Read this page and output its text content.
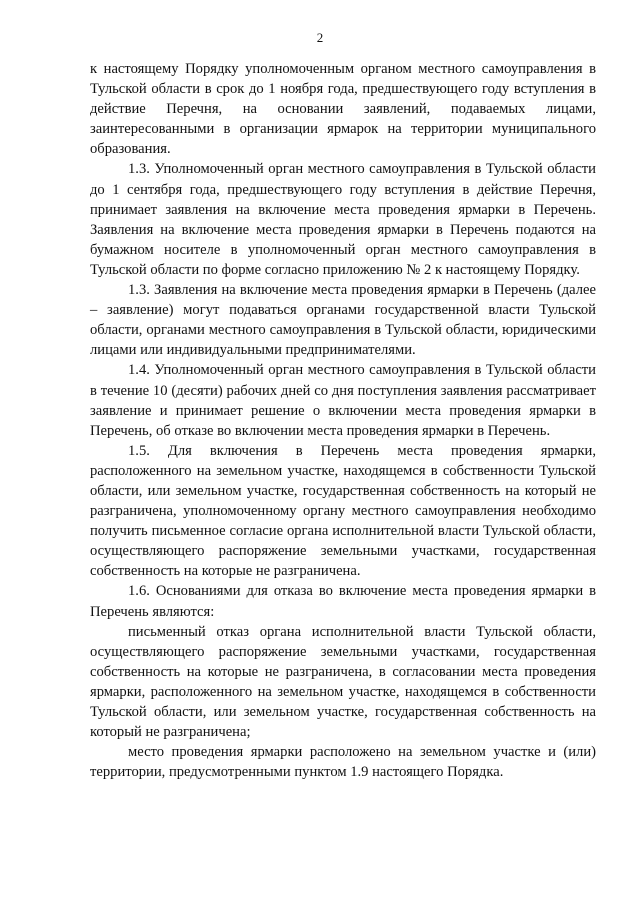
2

к настоящему Порядку уполномоченным органом местного самоуправления в Тульской области в срок до 1 ноября года, предшествующего году вступления в действие Перечня, на основании заявлений, подаваемых лицами, заинтересованными в организации ярмарок на территории муниципального образования.

1.3. Уполномоченный орган местного самоуправления в Тульской области до 1 сентября года, предшествующего году вступления в действие Перечня, принимает заявления на включение места проведения ярмарки в Перечень. Заявления на включение места проведения ярмарки в Перечень подаются на бумажном носителе в уполномоченный орган местного самоуправления в Тульской области по форме согласно приложению № 2 к настоящему Порядку.

1.3. Заявления на включение места проведения ярмарки в Перечень (далее – заявление) могут подаваться органами государственной власти Тульской области, органами местного самоуправления в Тульской области, юридическими лицами или индивидуальными предпринимателями.

1.4. Уполномоченный орган местного самоуправления в Тульской области в течение 10 (десяти) рабочих дней со дня поступления заявления рассматривает заявление и принимает решение о включении места проведения ярмарки в Перечень, об отказе во включении места проведения ярмарки в Перечень.

1.5. Для включения в Перечень места проведения ярмарки, расположенного на земельном участке, находящемся в собственности Тульской области, или земельном участке, государственная собственность на который не разграничена, уполномоченному органу местного самоуправления необходимо получить письменное согласие органа исполнительной власти Тульской области, осуществляющего распоряжение земельными участками, государственная собственность на которые не разграничена.

1.6. Основаниями для отказа во включение места проведения ярмарки в Перечень являются:

письменный отказ органа исполнительной власти Тульской области, осуществляющего распоряжение земельными участками, государственная собственность на которые не разграничена, в согласовании места проведения ярмарки, расположенного на земельном участке, находящемся в собственности Тульской области, или земельном участке, государственная собственность на который не разграничена;

место проведения ярмарки расположено на земельном участке и (или) территории, предусмотренными пунктом 1.9 настоящего Порядка.
